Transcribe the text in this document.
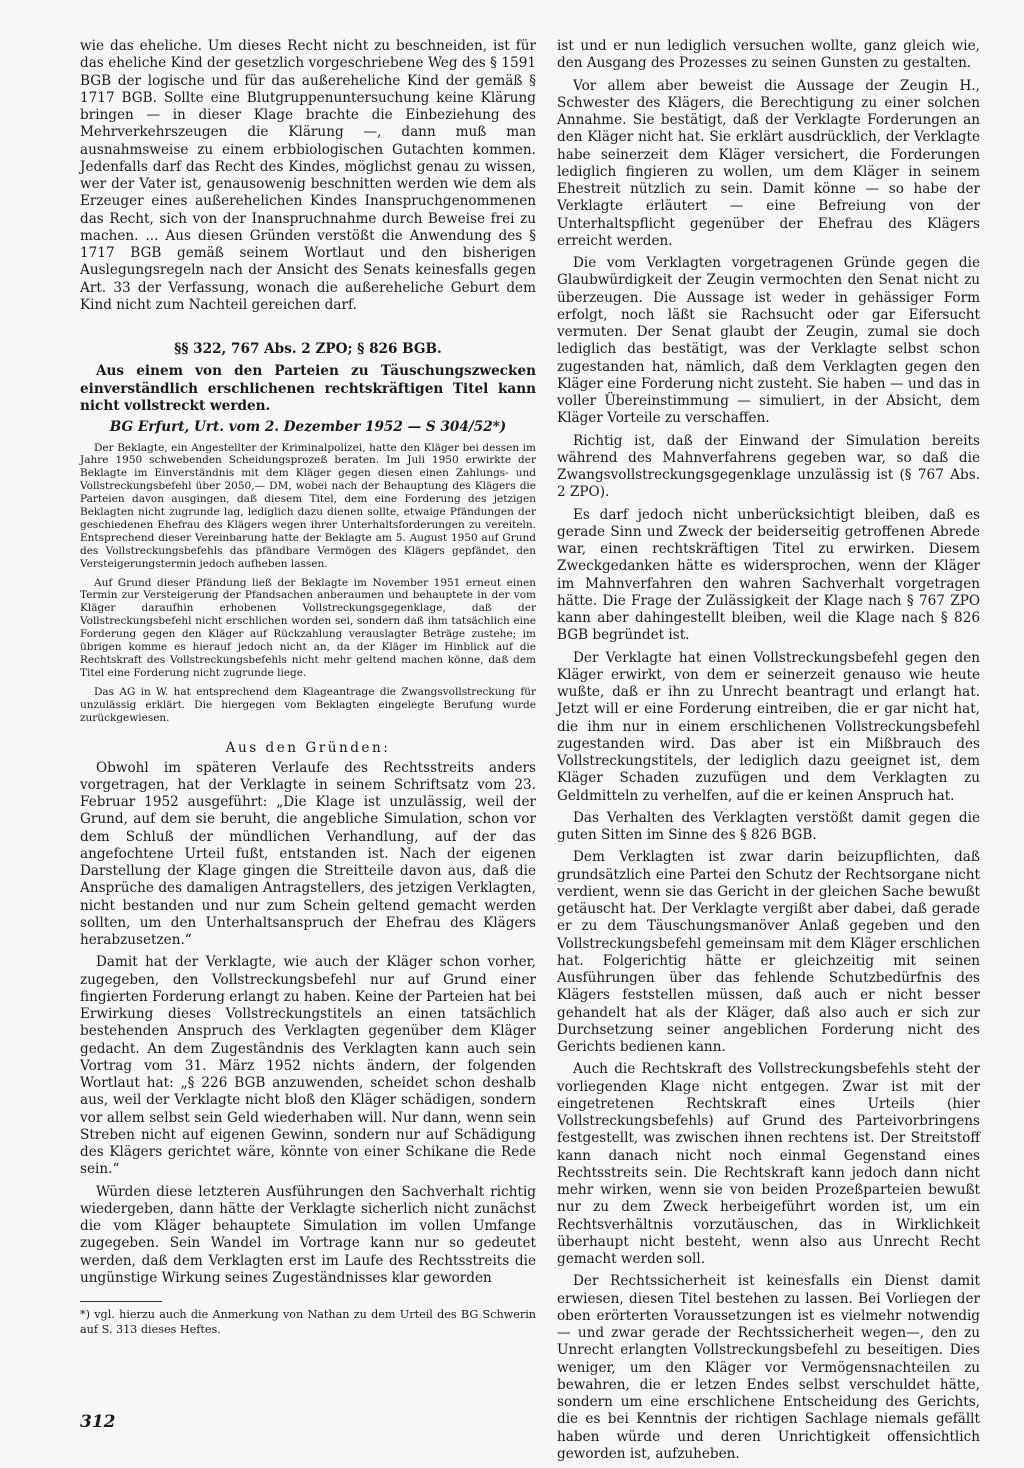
wie das eheliche. Um dieses Recht nicht zu beschneiden, ist für das eheliche Kind der gesetzlich vorgeschriebene Weg des § 1591 BGB der logische und für das außereheliche Kind der gemäß § 1717 BGB. Sollte eine Blutgruppenuntersuchung keine Klärung bringen — in dieser Klage brachte die Einbeziehung des Mehrverkehrszeugen die Klärung —, dann muß man ausnahmsweise zu einem erbbiologischen Gutachten kommen. Jedenfalls darf das Recht des Kindes, möglichst genau zu wissen, wer der Vater ist, genausowenig beschnitten werden wie dem als Erzeuger eines außerehelichen Kindes Inanspruchgenommenen das Recht, sich von der Inanspruchnahme durch Beweise frei zu machen. ... Aus diesen Gründen verstößt die Anwendung des § 1717 BGB gemäß seinem Wortlaut und den bisherigen Auslegungsregeln nach der Ansicht des Senats keinesfalls gegen Art. 33 der Verfassung, wonach die außereheliche Geburt dem Kind nicht zum Nachteil gereichen darf.

§§ 322, 767 Abs. 2 ZPO; § 826 BGB.
Aus einem von den Parteien zu Täuschungszwecken einverständlich erschlichenen rechtskräftigen Titel kann nicht vollstreckt werden.
BG Erfurt, Urt. vom 2. Dezember 1952 — S 304/52*)
Der Beklagte, ein Angestellter der Kriminalpolizei, hatte den Kläger bei dessen im Jahre 1950 schwebenden Scheidungsprozeß beraten. Im Juli 1950 erwirkte der Beklagte im Einverständnis mit dem Kläger gegen diesen einen Zahlungs- und Vollstreckungsbefehl über 2050,— DM, wobei nach der Behauptung des Klägers die Parteien davon ausgingen, daß diesem Titel, dem eine Forderung des jetzigen Beklagten nicht zugrunde lag, lediglich dazu dienen sollte, etwaige Pfändungen der geschiedenen Ehefrau des Klägers wegen ihrer Unterhaltsforderungen zu vereiteln. Entsprechend dieser Vereinbarung hatte der Beklagte am 5. August 1950 auf Grund des Vollstreckungsbefehls das pfändbare Vermögen des Klägers gepfändet, den Versteigerungstermin jedoch aufheben lassen.
Auf Grund dieser Pfändung ließ der Beklagte im November 1951 erneut einen Termin zur Versteigerung der Pfandsachen anberaumen und behauptete in der vom Kläger daraufhin erhobenen Vollstreckungsgegenklage, daß der Vollstreckungsbefehl nicht erschlichen worden sei, sondern daß ihm tatsächlich eine Forderung gegen den Kläger auf Rückzahlung verauslagter Beträge zustehe; im übrigen komme es hierauf jedoch nicht an, da der Kläger im Hinblick auf die Rechtskraft des Vollstreckungsbefehls nicht mehr geltend machen könne, daß dem Titel eine Forderung nicht zugrunde liege.
Das AG in W. hat entsprechend dem Klageantrage die Zwangsvollstreckung für unzulässig erklärt. Die hiergegen vom Beklagten eingelegte Berufung wurde zurückgewiesen.
Aus den Gründen:

Obwohl im späteren Verlaufe des Rechtsstreits anders vorgetragen, hat der Verklagte in seinem Schriftsatz vom 23. Februar 1952 ausgeführt: „Die Klage ist unzulässig, weil der Grund, auf dem sie beruht, die angebliche Simulation, schon vor dem Schluß der mündlichen Verhandlung, auf der das angefochtene Urteil fußt, entstanden ist. Nach der eigenen Darstellung der Klage gingen die Streitteile davon aus, daß die Ansprüche des damaligen Antragstellers, des jetzigen Verklagten, nicht bestanden und nur zum Schein geltend gemacht werden sollten, um den Unterhaltsanspruch der Ehefrau des Klägers herabzusetzen.“

Damit hat der Verklagte, wie auch der Kläger schon vorher, zugegeben, den Vollstreckungsbefehl nur auf Grund einer fingierten Forderung erlangt zu haben. Keine der Parteien hat bei Erwirkung dieses Vollstreckungstitels an einen tatsächlich bestehenden Anspruch des Verklagten gegenüber dem Kläger gedacht. An dem Zugeständnis des Verklagten kann auch sein Vortrag vom 31. März 1952 nichts ändern, der folgenden Wortlaut hat: „§ 226 BGB anzuwenden, scheidet schon deshalb aus, weil der Verklagte nicht bloß den Kläger schädigen, sondern vor allem selbst sein Geld wiederhaben will. Nur dann, wenn sein Streben nicht auf eigenen Gewinn, sondern nur auf Schädigung des Klägers gerichtet wäre, könnte von einer Schikane die Rede sein.“

Würden diese letzteren Ausführungen den Sachverhalt richtig wiedergeben, dann hätte der Verklagte sicherlich nicht zunächst die vom Kläger behauptete Simulation im vollen Umfange zugegeben. Sein Wandel im Vortrage kann nur so gedeutet werden, daß dem Verklagten erst im Laufe des Rechtsstreits die ungünstige Wirkung seines Zugeständnisses klar geworden

*) vgl. hierzu auch die Anmerkung von Nathan zu dem Urteil des BG Schwerin auf S. 313 dieses Heftes.

ist und er nun lediglich versuchen wollte, ganz gleich wie, den Ausgang des Prozesses zu seinen Gunsten zu gestalten.

Vor allem aber beweist die Aussage der Zeugin H., Schwester des Klägers, die Berechtigung zu einer solchen Annahme. Sie bestätigt, daß der Verklagte Forderungen an den Kläger nicht hat. Sie erklärt ausdrücklich, der Verklagte habe seinerzeit dem Kläger versichert, die Forderungen lediglich fingieren zu wollen, um dem Kläger in seinem Ehestreit nützlich zu sein. Damit könne — so habe der Verklagte erläutert — eine Befreiung von der Unterhaltspflicht gegenüber der Ehefrau des Klägers erreicht werden.

Die vom Verklagten vorgetragenen Gründe gegen die Glaubwürdigkeit der Zeugin vermochten den Senat nicht zu überzeugen. Die Aussage ist weder in gehässiger Form erfolgt, noch läßt sie Rachsucht oder gar Eifersucht vermuten. Der Senat glaubt der Zeugin, zumal sie doch lediglich das bestätigt, was der Verklagte selbst schon zugestanden hat, nämlich, daß dem Verklagten gegen den Kläger eine Forderung nicht zusteht. Sie haben — und das in voller Übereinstimmung — simuliert, in der Absicht, dem Kläger Vorteile zu verschaffen.

Richtig ist, daß der Einwand der Simulation bereits während des Mahnverfahrens gegeben war, so daß die Zwangsvollstreckungsgegenklage unzulässig ist (§ 767 Abs. 2 ZPO).

Es darf jedoch nicht unberücksichtigt bleiben, daß es gerade Sinn und Zweck der beiderseitig getroffenen Abrede war, einen rechtskräftigen Titel zu erwirken. Diesem Zweckgedanken hätte es widersprochen, wenn der Kläger im Mahnverfahren den wahren Sachverhalt vorgetragen hätte. Die Frage der Zulässigkeit der Klage nach § 767 ZPO kann aber dahingestellt bleiben, weil die Klage nach § 826 BGB begründet ist.

Der Verklagte hat einen Vollstreckungsbefehl gegen den Kläger erwirkt, von dem er seinerzeit genauso wie heute wußte, daß er ihn zu Unrecht beantragt und erlangt hat. Jetzt will er eine Forderung eintreiben, die er gar nicht hat, die ihm nur in einem erschlichenen Vollstreckungsbefehl zugestanden wird. Das aber ist ein Mißbrauch des Vollstreckungstitels, der lediglich dazu geeignet ist, dem Kläger Schaden zuzufügen und dem Verklagten zu Geldmitteln zu verhelfen, auf die er keinen Anspruch hat.

Das Verhalten des Verklagten verstößt damit gegen die guten Sitten im Sinne des § 826 BGB.

Dem Verklagten ist zwar darin beizupflichten, daß grundsätzlich eine Partei den Schutz der Rechtsorgane nicht verdient, wenn sie das Gericht in der gleichen Sache bewußt getäuscht hat. Der Verklagte vergißt aber dabei, daß gerade er zu dem Täuschungsmanöver Anlaß gegeben und den Vollstreckungsbefehl gemeinsam mit dem Kläger erschlichen hat. Folgerichtig hätte er gleichzeitig mit seinen Ausführungen über das fehlende Schutzbedürfnis des Klägers feststellen müssen, daß auch er nicht besser gehandelt hat als der Kläger, daß also auch er sich zur Durchsetzung seiner angeblichen Forderung nicht des Gerichts bedienen kann.

Auch die Rechtskraft des Vollstreckungsbefehls steht der vorliegenden Klage nicht entgegen. Zwar ist mit der eingetretenen Rechtskraft eines Urteils (hier Vollstreckungsbefehls) auf Grund des Parteivorbringens festgestellt, was zwischen ihnen rechtens ist. Der Streitstoff kann danach nicht noch einmal Gegenstand eines Rechtsstreits sein. Die Rechtskraft kann jedoch dann nicht mehr wirken, wenn sie von beiden Prozeßparteien bewußt nur zu dem Zweck herbeigeführt worden ist, um ein Rechtsverhältnis vorzutäuschen, das in Wirklichkeit überhaupt nicht besteht, wenn also aus Unrecht Recht gemacht werden soll.

Der Rechtssicherheit ist keinesfalls ein Dienst damit erwiesen, diesen Titel bestehen zu lassen. Bei Vorliegen der oben erörterten Voraussetzungen ist es vielmehr notwendig — und zwar gerade der Rechtssicherheit wegen—, den zu Unrecht erlangten Vollstreckungsbefehl zu beseitigen. Dies weniger, um den Kläger vor Vermögensnachteilen zu bewahren, die er letzen Endes selbst verschuldet hätte, sondern um eine erschlichene Entscheidung des Gerichts, die es bei Kenntnis der richtigen Sachlage niemals gefällt haben würde und deren Unrichtigkeit offensichtlich geworden ist, aufzuheben.

312
